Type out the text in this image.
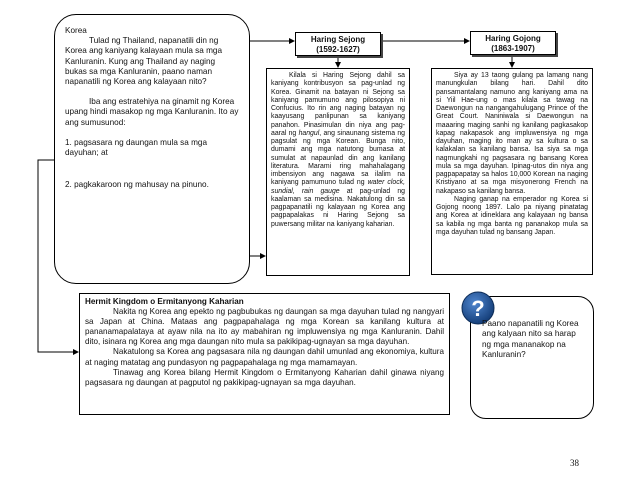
Korea

Tulad ng Thailand, napanatili din ng Korea ang kaniyang kalayaan mula sa mga Kanluranin. Kung ang Thailand ay naging bukas sa mga Kanluranin, paano naman napanatili ng Korea ang kalayaan nito?

Iba ang estratehiya na ginamit ng Korea upang hindi masakop ng mga Kanluranin. Ito ay ang sumusunod:

1. pagsasara ng daungan mula sa mga dayuhan; at

2. pagkakaroon ng mahusay na pinuno.

Haring Sejong
(1592-1627)
Haring Gojong
(1863-1907)
Kilala si Haring Sejong dahil sa kaniyang kontribusyon sa pag-unlad ng Korea. Ginamit na batayan ni Sejong sa kaniyang pamumuno ang pilosopiya ni Confucius. Ito rin ang naging batayan ng kaayusang panlipunan sa kaniyang panahon. Pinasimulan din niya ang pag-aaral ng hangul, ang sinaunang sistema ng pagsulat ng mga Korean. Bunga nito, dumami ang mga natutong bumasa at sumulat at napaunlad din ang kanilang literatura. Marami ring mahahalagang imbensiyon ang nagawa sa ilalim na kaniyang pamumuno tulad ng water clock, sundial, rain gauge at pag-unlad ng kaalaman sa medisina. Nakatulong din sa pagpapanatili ng kalayaan ng Korea ang pagpapalakas ni Haring Sejong sa puwersang militar na kaniyang kaharian.
Siya ay 13 taong gulang pa lamang nang manungkulan bilang hari. Dahil dito pansamantalang namuno ang kaniyang ama na si Yiil Hae-ung o mas kilala sa tawag na Daewongun na nangangahulugang Prince of the Great Court. Naniniwala si Daewongun na maaaring maging sanhi ng kanilang pagkasakop kapag nakapasok ang impluwensiya ng mga dayuhan, maging ito man ay sa kultura o sa kalakalan sa kanilang bansa. Isa siya sa mga nagmungkahi ng pagsasara ng bansang Korea mula sa mga dayuhan. Ipinag-utos din niya ang pagpapapatay sa halos 10,000 Korean na naging Kristiyano at sa mga misyonerong French na nakapaso sa kanilang bansa.
Naging ganap na emperador ng Korea si Gojong noong 1897. Lalo pa niyang pinatatag ang Korea at idineklara ang kalayaan ng bansa sa kabila ng mga banta ng pananakop mula sa mga dayuhan tulad ng bansang Japan.

Hermit Kingdom o Ermitanyong Kaharian

Nakita ng Korea ang epekto ng pagbubukas ng daungan sa mga dayuhan tulad ng nangyari sa Japan at China. Mataas ang pagpapahalaga ng mga Korean sa kanilang kultura at pananamapalataya at ayaw nila na ito ay mabahiran ng impluwensiya ng mga Kanluranin. Dahil dito, isinara ng Korea ang mga daungan nito mula sa pakikipag-ugnayan sa mga dayuhan.

Nakatulong sa Korea ang pagsasara nila ng daungan dahil umunlad ang ekonomiya, kultura at naging matatag ang pundasyon ng pagpapahalaga ng mga mamamayan.

Tinawag ang Korea bilang Hermit Kingdom o Ermitanyong Kaharian dahil ginawa niyang pagsasara ng daungan at pagputol ng pakikipag-ugnayan sa mga dayuhan.

?
Paano napanatili ng Korea ang kalyaan nito sa harap ng mga mananakop na Kanluranin?
38
